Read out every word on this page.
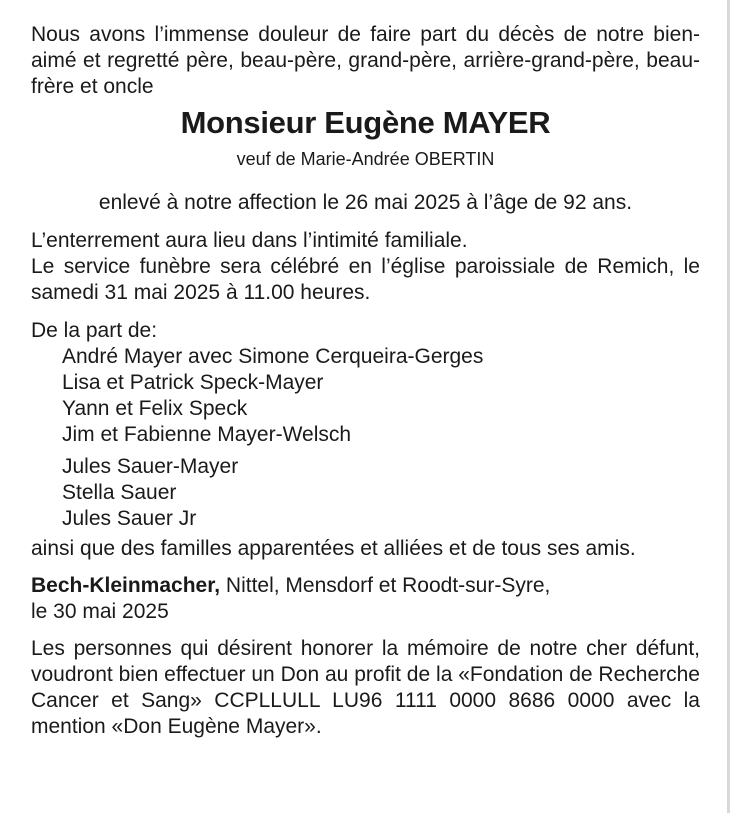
Nous avons l’immense douleur de faire part du décès de notre bien-aimé et regretté père, beau-père, grand-père, arrière-grand-père, beau-frère et oncle

Monsieur Eugène MAYER

veuf de Marie-Andrée OBERTIN

enlevé à notre affection le 26 mai 2025 à l’âge de 92 ans.

L’enterrement aura lieu dans l’intimité familiale.

Le service funèbre sera célébré en l’église paroissiale de Remich, le samedi 31 mai 2025 à 11.00 heures.

De la part de:

André Mayer avec Simone Cerqueira-Gerges
Lisa et Patrick Speck-Mayer
Yann et Felix Speck
Jim et Fabienne Mayer-Welsch
Jules Sauer-Mayer
Stella Sauer
Jules Sauer Jr

ainsi que des familles apparentées et alliées et de tous ses amis.

Bech-Kleinmacher, Nittel, Mensdorf et Roodt-sur-Syre,
le 30 mai 2025

Les personnes qui désirent honorer la mémoire de notre cher défunt, voudront bien effectuer un Don au profit de la «Fondation de Recherche Cancer et Sang» CCPLLULL LU96 1111 0000 8686 0000 avec la mention «Don Eugène Mayer».
